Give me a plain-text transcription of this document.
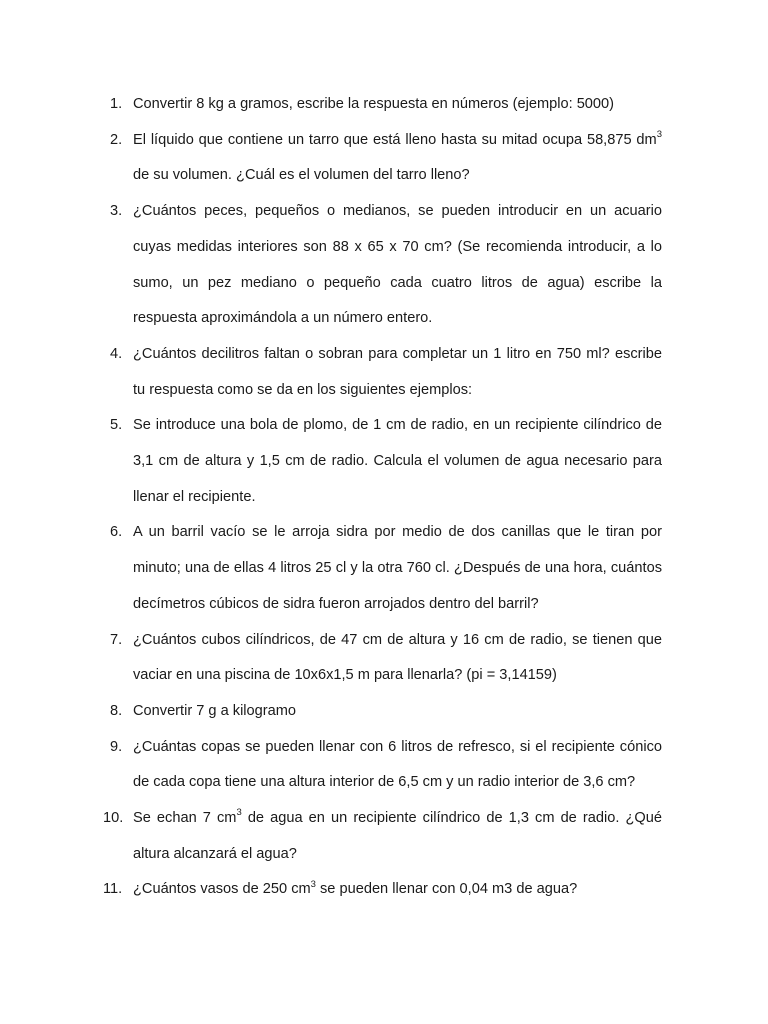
1. Convertir 8 kg a gramos, escribe la respuesta en números (ejemplo: 5000)

2. El líquido que contiene un tarro que está lleno hasta su mitad ocupa 58,875 $dm^3$ de su volumen. ¿Cuál es el volumen del tarro lleno?

3. ¿Cuántos peces, pequeños o medianos, se pueden introducir en un acuario cuyas medidas interiores son 88 x 65 x 70 cm? (Se recomienda introducir, a lo sumo, un pez mediano o pequeño cada cuatro litros de agua) escribe la respuesta aproximándola a un número entero.

4. ¿Cuántos decilitros faltan o sobran para completar un 1 litro en 750 ml? escribe tu respuesta como se da en los siguientes ejemplos:

5. Se introduce una bola de plomo, de 1 cm de radio, en un recipiente cilíndrico de 3,1 cm de altura y 1,5 cm de radio. Calcula el volumen de agua necesario para llenar el recipiente.

6. A un barril vacío se le arroja sidra por medio de dos canillas que le tiran por minuto; una de ellas 4 litros 25 cl y la otra 760 cl. ¿Después de una hora, cuántos decímetros cúbicos de sidra fueron arrojados dentro del barril?

7. ¿Cuántos cubos cilíndricos, de 47 cm de altura y 16 cm de radio, se tienen que vaciar en una piscina de 10x6x1,5 m para llenarla? (pi = 3,14159)

8. Convertir 7 g a kilogramo

9. ¿Cuántas copas se pueden llenar con 6 litros de refresco, si el recipiente cónico de cada copa tiene una altura interior de 6,5 cm y un radio interior de 3,6 cm?

10. Se echan 7 $cm^3$ de agua en un recipiente cilíndrico de 1,3 cm de radio. ¿Qué altura alcanzará el agua?

11. ¿Cuántos vasos de 250 $cm^3$ se pueden llenar con 0,04 m3 de agua?
